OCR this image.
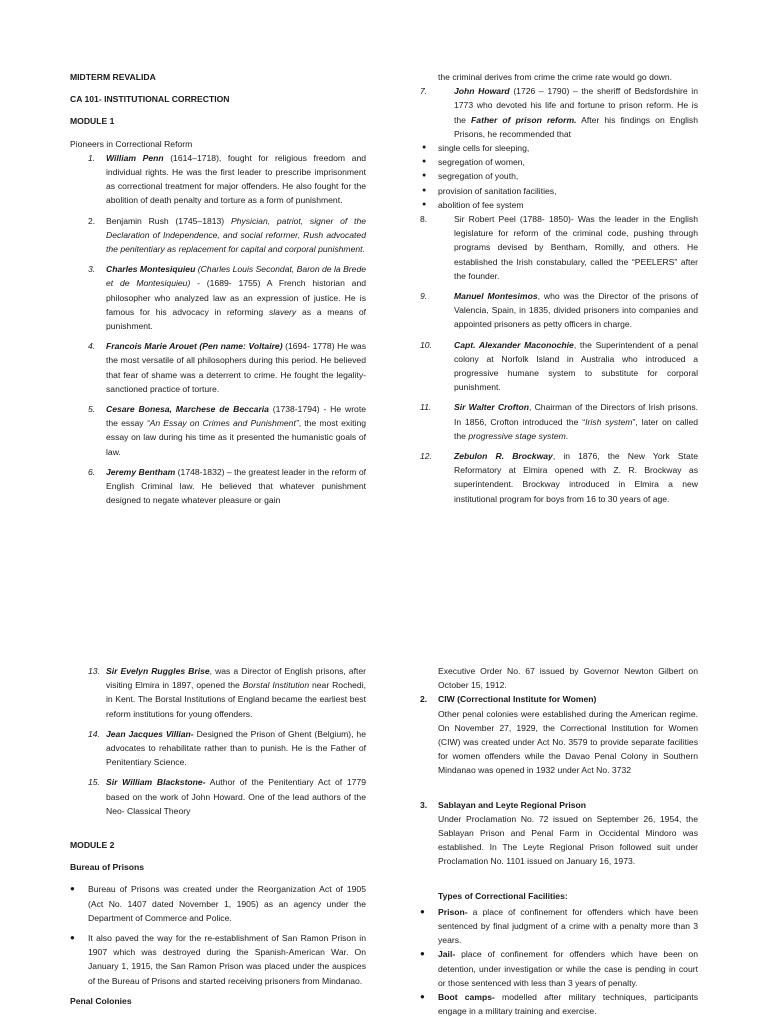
MIDTERM REVALIDA

CA 101- INSTITUTIONAL CORRECTION

MODULE 1

Pioneers in Correctional Reform

1. William Penn (1614–1718), fought for religious freedom and individual rights. He was the first leader to prescribe imprisonment as correctional treatment for major offenders. He also fought for the abolition of death penalty and torture as a form of punishment.
2. Benjamin Rush (1745–1813) Physician, patriot, signer of the Declaration of Independence, and social reformer, Rush advocated the penitentiary as replacement for capital and corporal punishment.
3. Charles Montesiquieu (Charles Louis Secondat, Baron de la Brede et de Montesiquieu) - (1689- 1755) A French historian and philosopher who analyzed law as an expression of justice. He is famous for his advocacy in reforming slavery as a means of punishment.
4. Francois Marie Arouet (Pen name: Voltaire) (1694- 1778) He was the most versatile of all philosophers during this period. He believed that fear of shame was a deterrent to crime. He fought the legality-sanctioned practice of torture.
5. Cesare Bonesa, Marchese de Beccaria (1738-1794) - He wrote the essay “An Essay on Crimes and Punishment”, the most exiting essay on law during his time as it presented the humanistic goals of law.
6. Jeremy Bentham (1748-1832) – the greatest leader in the reform of English Criminal law. He believed that whatever punishment designed to negate whatever pleasure or gain

the criminal derives from crime the crime rate would go down.

7.	John Howard (1726 – 1790) – the sheriff of Bedsfordshire in 1773 who devoted his life and fortune to prison reform. He is the Father of prison reform. After his findings on English Prisons, he recommended that
● single cells for sleeping,
● segregation of women,
● segregation of youth,
● provision of sanitation facilities,
● abolition of fee system
8.	Sir Robert Peel (1788- 1850)- Was the leader in the English legislature for reform of the criminal code, pushing through programs devised by Bentham, Romilly, and others. He established the Irish constabulary, called the “PEELERS” after the founder.
9.	Manuel Montesimos, who was the Director of the prisons of Valencia, Spain, in 1835, divided prisoners into companies and appointed prisoners as petty officers in charge.
10.	Capt. Alexander Maconochie, the Superintendent of a penal colony at Norfolk Island in Australia who introduced a progressive humane system to substitute for corporal punishment.
11.	Sir Walter Crofton, Chairman of the Directors of Irish prisons. In 1856, Crofton introduced the “Irish system”, later on called the progressive stage system.
12.	Zebulon R. Brockway, in 1876, the New York State Reformatory at Elmira opened with Z. R. Brockway as superintendent. Brockway introduced in Elmira a new institutional program for boys from 16 to 30 years of age.
13. Sir Evelyn Ruggles Brise, was a Director of English prisons, after visiting Elmira in 1897, opened the Borstal Institution near Rochedi, in Kent. The Borstal Institutions of England became the earliest best reform institutions for young offenders.
14. Jean Jacques Villian- Designed the Prison of Ghent (Belgium), he advocates to rehabilitate rather than to punish. He is the Father of Penitentiary Science.
15. Sir William Blackstone- Author of the Penitentiary Act of 1779 based on the work of John Howard. One of the lead authors of the Neo- Classical Theory

MODULE 2

Bureau of Prisons

● Bureau of Prisons was created under the Reorganization Act of 1905 (Act No. 1407 dated November 1, 1905) as an agency under the Department of Commerce and Police.
● It also paved the way for the re-establishment of San Ramon Prison in 1907 which was destroyed during the Spanish-American War. On January 1, 1915, the San Ramon Prison was placed under the auspices of the Bureau of Prisons and started receiving prisoners from Mindanao.

Penal Colonies

Executive Order No. 67 issued by Governor Newton Gilbert on October 15, 1912.

2. CIW (Correctional Institute for Women)

Other penal colonies were established during the American regime. On November 27, 1929, the Correctional Institution for Women (CIW) was created under Act No. 3579 to provide separate facilities for women offenders while the Davao Penal Colony in Southern Mindanao was opened in 1932 under Act No. 3732

3. Sablayan and Leyte Regional Prison

Under Proclamation No. 72 issued on September 26, 1954, the Sablayan Prison and Penal Farm in Occidental Mindoro was established. In The Leyte Regional Prison followed suit under Proclamation No. 1101 issued on January 16, 1973.

Types of Correctional Facilities:

● Prison- a place of confinement for offenders which have been sentenced by final judgment of a crime with a penalty more than 3 years.
● Jail- place of confinement for offenders which have been on detention, under investigation or while the case is pending in court or those sentenced with less than 3 years of penalty.
● Boot camps- modelled after military techniques, participants engage in a military training and exercise.
